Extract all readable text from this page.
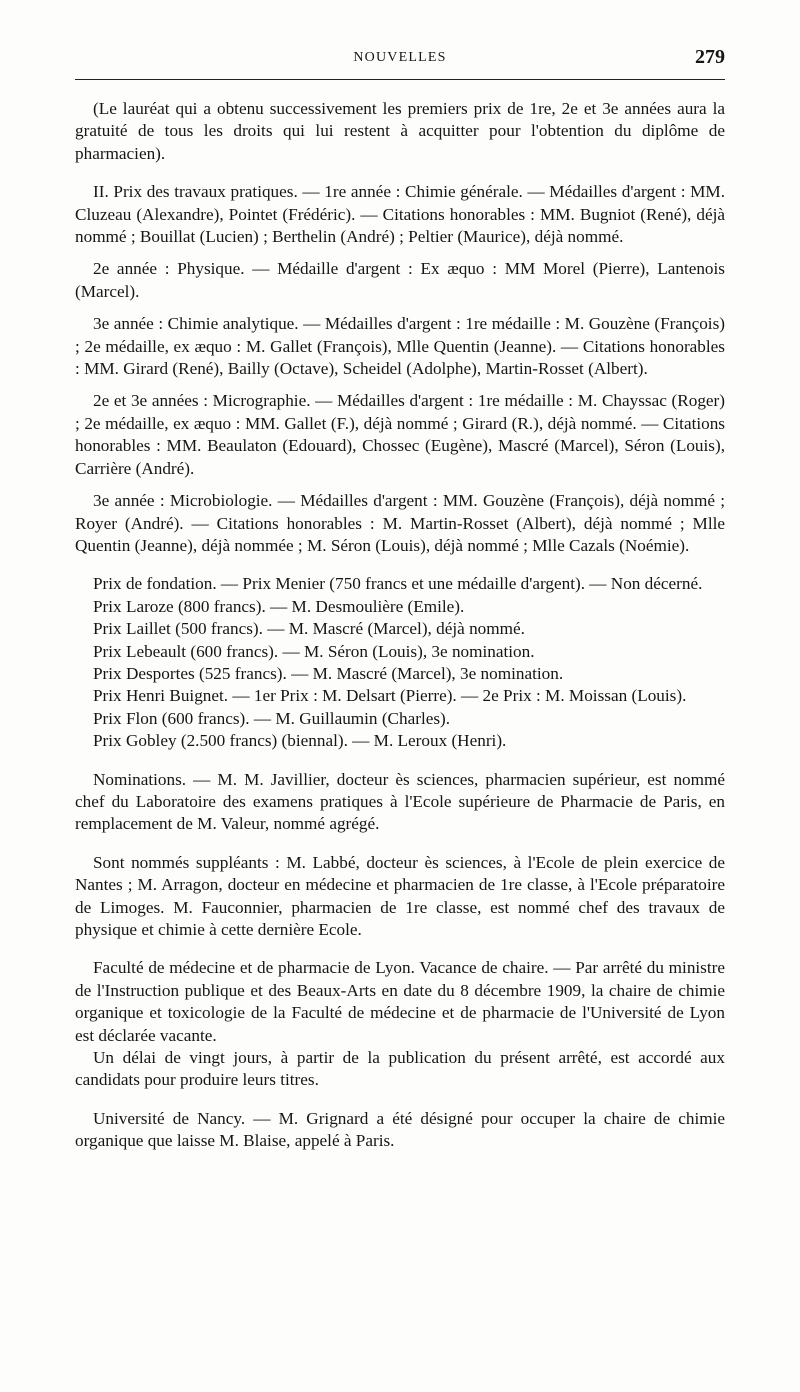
NOUVELLES	279

(Le lauréat qui a obtenu successivement les premiers prix de 1re, 2e et 3e années aura la gratuité de tous les droits qui lui restent à acquitter pour l'obtention du diplôme de pharmacien).

II. Prix des travaux pratiques. — 1re année : Chimie générale. — Médailles d'argent : MM. Cluzeau (Alexandre), Pointet (Frédéric). — Citations honorables : MM. Bugniot (René), déjà nommé ; Bouillat (Lucien) ; Berthelin (André) ; Peltier (Maurice), déjà nommé.

2e année : Physique. — Médaille d'argent : Ex æquo : MM Morel (Pierre), Lantenois (Marcel).

3e année : Chimie analytique. — Médailles d'argent : 1re médaille : M. Gouzène (François) ; 2e médaille, ex æquo : M. Gallet (François), Mlle Quentin (Jeanne). — Citations honorables : MM. Girard (René), Bailly (Octave), Scheidel (Adolphe), Martin-Rosset (Albert).

2e et 3e années : Micrographie. — Médailles d'argent : 1re médaille : M. Chayssac (Roger) ; 2e médaille, ex æquo : MM. Gallet (F.), déjà nommé ; Girard (R.), déjà nommé. — Citations honorables : MM. Beaulaton (Edouard), Chossec (Eugène), Mascré (Marcel), Séron (Louis), Carrière (André).

3e année : Microbiologie. — Médailles d'argent : MM. Gouzène (François), déjà nommé ; Royer (André). — Citations honorables : M. Martin-Rosset (Albert), déjà nommé ; Mlle Quentin (Jeanne), déjà nommée ; M. Séron (Louis), déjà nommé ; Mlle Cazals (Noémie).

Prix de fondation. — Prix Menier (750 francs et une médaille d'argent). — Non décerné.

Prix Laroze (800 francs). — M. Desmoulière (Emile).

Prix Laillet (500 francs). — M. Mascré (Marcel), déjà nommé.

Prix Lebeault (600 francs). — M. Séron (Louis), 3e nomination.

Prix Desportes (525 francs). — M. Mascré (Marcel), 3e nomination.

Prix Henri Buignet. — 1er Prix : M. Delsart (Pierre). — 2e Prix : M. Moissan (Louis).

Prix Flon (600 francs). — M. Guillaumin (Charles).

Prix Gobley (2.500 francs) (biennal). — M. Leroux (Henri).

Nominations. — M. M. Javillier, docteur ès sciences, pharmacien supérieur, est nommé chef du Laboratoire des examens pratiques à l'Ecole supérieure de Pharmacie de Paris, en remplacement de M. Valeur, nommé agrégé.

Sont nommés suppléants : M. Labbé, docteur ès sciences, à l'Ecole de plein exercice de Nantes ; M. Arragon, docteur en médecine et pharmacien de 1re classe, à l'Ecole préparatoire de Limoges. M. Fauconnier, pharmacien de 1re classe, est nommé chef des travaux de physique et chimie à cette dernière Ecole.

Faculté de médecine et de pharmacie de Lyon. Vacance de chaire. — Par arrêté du ministre de l'Instruction publique et des Beaux-Arts en date du 8 décembre 1909, la chaire de chimie organique et toxicologie de la Faculté de médecine et de pharmacie de l'Université de Lyon est déclarée vacante.

Un délai de vingt jours, à partir de la publication du présent arrêté, est accordé aux candidats pour produire leurs titres.

Université de Nancy. — M. Grignard a été désigné pour occuper la chaire de chimie organique que laisse M. Blaise, appelé à Paris.
